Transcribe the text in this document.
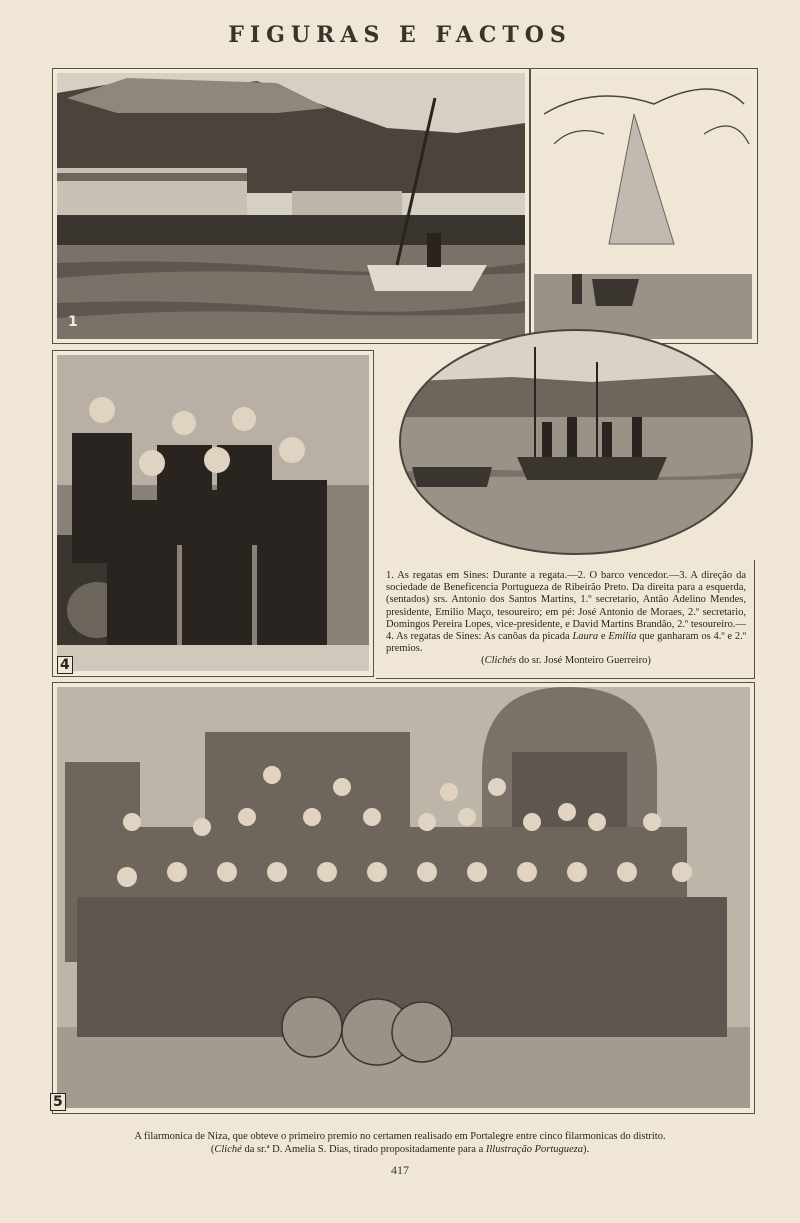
FIGURAS E FACTOS
1
4
1. As regatas em Sines: Durante a regata.—2. O barco vencedor.—3. A direção da sociedade de Beneficencia Portugueza de Ribeirão Preto. Da direita para a esquerda, (sentados) srs. Antonio dos Santos Martins, 1.º secretario, Antão Adelino Mendes, presidente, Emilio Maço, tesoureiro; em pé: José Antonio de Moraes, 2.º secretario, Domingos Pereira Lopes, vice-presidente, e David Martins Brandão, 2.º tesoureiro.—4. As regatas de Sines: As canôas da picada Laura e Emilia que ganharam os 4.º e 2.º premios.
(Clichés do sr. José Monteiro Guerreiro)
5
A filarmonica de Niza, que obteve o primeiro premio no certamen realisado em Portalegre entre cinco filarmonicas do distrito.
(Cliché da sr.ª D. Amelia S. Dias, tirado propositadamente para a Illustração Portugueza).
417
